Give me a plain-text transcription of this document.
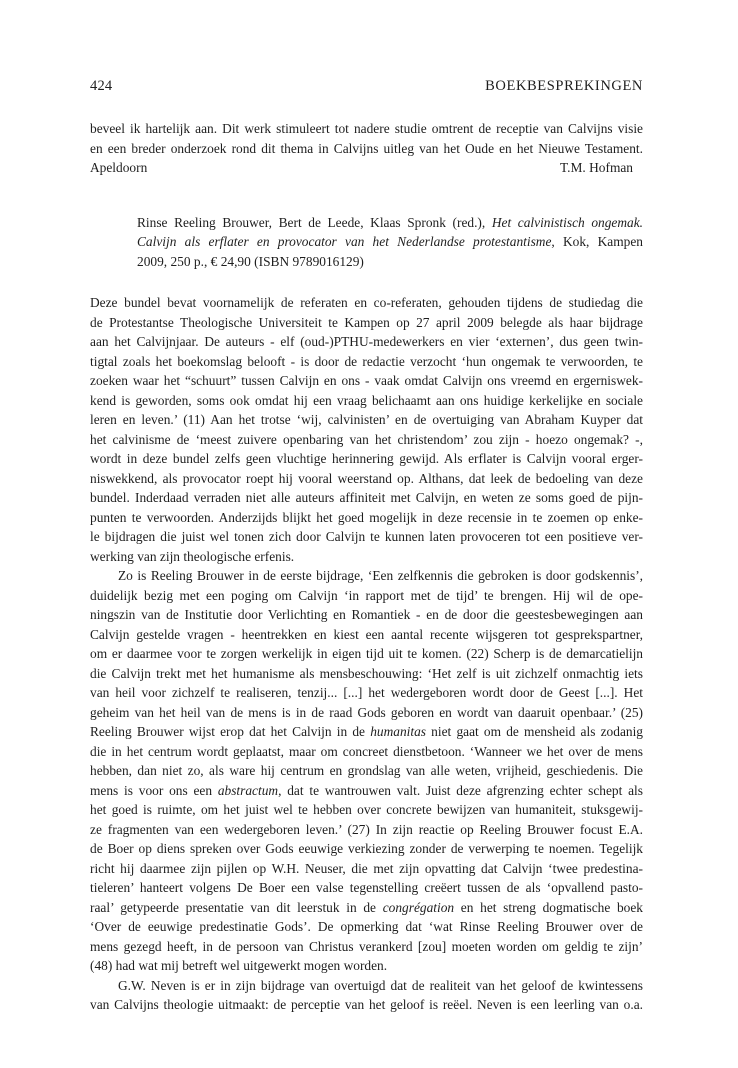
424	BOEKBESPREKINGEN
beveel ik hartelijk aan. Dit werk stimuleert tot nadere studie omtrent de receptie van Calvijns visie
en een breder onderzoek rond dit thema in Calvijns uitleg van het Oude en het Nieuwe Testament.
Apeldoorn	T.M. Hofman
Rinse Reeling Brouwer, Bert de Leede, Klaas Spronk (red.), Het calvinistisch ongemak.
Calvijn als erflater en provocator van het Nederlandse protestantisme, Kok, Kampen
2009, 250 p., € 24,90 (ISBN 9789016129)
Deze bundel bevat voornamelijk de referaten en co-referaten, gehouden tijdens de studiedag die
de Protestantse Theologische Universiteit te Kampen op 27 april 2009 belegde als haar bijdrage
aan het Calvijnjaar. De auteurs - elf (oud-)PTHU-medewerkers en vier ‘externen’, dus geen twin-
tigtal zoals het boekomslag belooft - is door de redactie verzocht ‘hun ongemak te verwoorden, te
zoeken waar het “schuurt” tussen Calvijn en ons - vaak omdat Calvijn ons vreemd en ergerniswek-
kend is geworden, soms ook omdat hij een vraag belichaamt aan ons huidige kerkelijke en sociale
leren en leven.’ (11) Aan het trotse ‘wij, calvinisten’ en de overtuiging van Abraham Kuyper dat
het calvinisme de ‘meest zuivere openbaring van het christendom’ zou zijn - hoezo ongemak? -,
wordt in deze bundel zelfs geen vluchtige herinnering gewijd. Als erflater is Calvijn vooral erger-
niswekkend, als provocator roept hij vooral weerstand op. Althans, dat leek de bedoeling van deze
bundel. Inderdaad verraden niet alle auteurs affiniteit met Calvijn, en weten ze soms goed de pijn-
punten te verwoorden. Anderzijds blijkt het goed mogelijk in deze recensie in te zoemen op enke-
le bijdragen die juist wel tonen zich door Calvijn te kunnen laten provoceren tot een positieve ver-
werking van zijn theologische erfenis.
Zo is Reeling Brouwer in de eerste bijdrage, ‘Een zelfkennis die gebroken is door godskennis’,
duidelijk bezig met een poging om Calvijn ‘in rapport met de tijd’ te brengen. Hij wil de ope-
ningszin van de Institutie door Verlichting en Romantiek - en de door die geestesbewegingen aan
Calvijn gestelde vragen - heentrekken en kiest een aantal recente wijsgeren tot gesprekspartner,
om er daarmee voor te zorgen werkelijk in eigen tijd uit te komen. (22) Scherp is de demarcatielijn
die Calvijn trekt met het humanisme als mensbeschouwing: ‘Het zelf is uit zichzelf onmachtig iets
van heil voor zichzelf te realiseren, tenzij... [...] het wedergeboren wordt door de Geest [...]. Het
geheim van het heil van de mens is in de raad Gods geboren en wordt van daaruit openbaar.’ (25)
Reeling Brouwer wijst erop dat het Calvijn in de humanitas niet gaat om de mensheid als zodanig
die in het centrum wordt geplaatst, maar om concreet dienstbetoon. ‘Wanneer we het over de mens
hebben, dan niet zo, als ware hij centrum en grondslag van alle weten, vrijheid, geschiedenis. Die
mens is voor ons een abstractum, dat te wantrouwen valt. Juist deze afgrenzing echter schept als
het goed is ruimte, om het juist wel te hebben over concrete bewijzen van humaniteit, stuksgewij-
ze fragmenten van een wedergeboren leven.’ (27) In zijn reactie op Reeling Brouwer focust E.A.
de Boer op diens spreken over Gods eeuwige verkiezing zonder de verwerping te noemen. Tegelijk
richt hij daarmee zijn pijlen op W.H. Neuser, die met zijn opvatting dat Calvijn ‘twee predestina-
tieleren’ hanteert volgens De Boer een valse tegenstelling creëert tussen de als ‘opvallend pasto-
raal’ getypeerde presentatie van dit leerstuk in de congrégation en het streng dogmatische boek
‘Over de eeuwige predestinatie Gods’. De opmerking dat ‘wat Rinse Reeling Brouwer over de
mens gezegd heeft, in de persoon van Christus verankerd [zou] moeten worden om geldig te zijn’
(48) had wat mij betreft wel uitgewerkt mogen worden.
G.W. Neven is er in zijn bijdrage van overtuigd dat de realiteit van het geloof de kwintessens
van Calvijns theologie uitmaakt: de perceptie van het geloof is reëel. Neven is een leerling van o.a.
